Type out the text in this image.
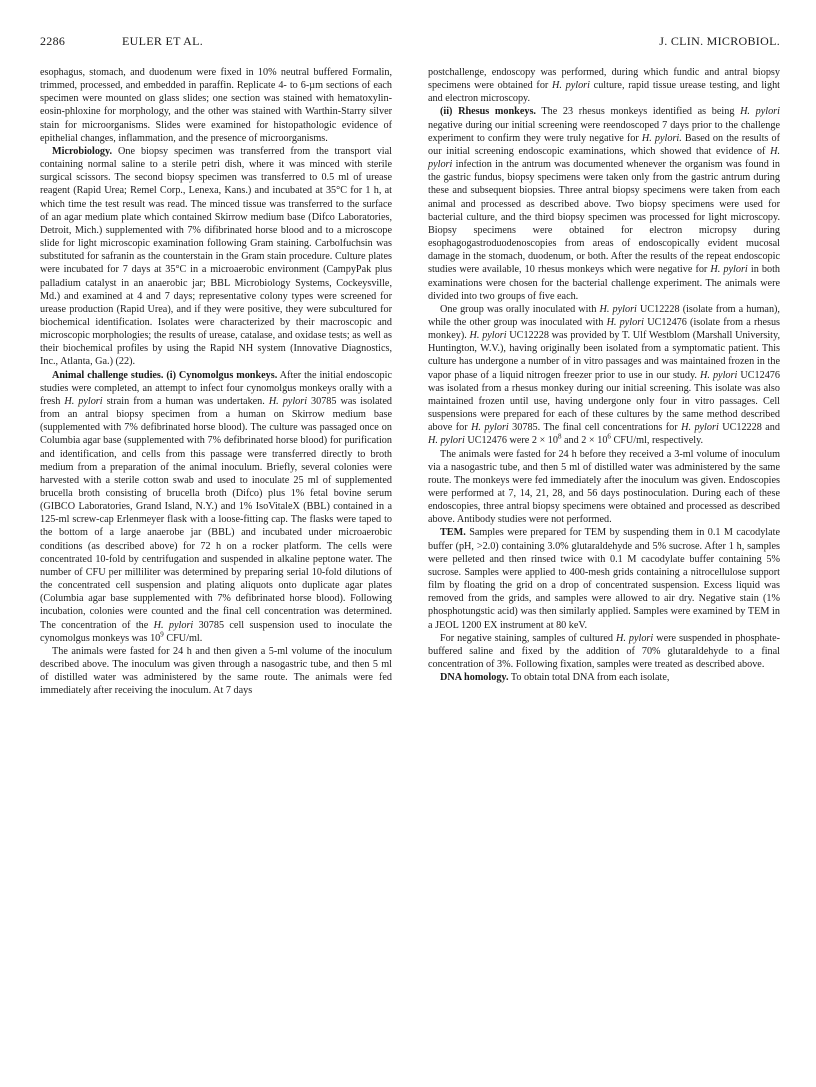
2286	EULER ET AL.	J. CLIN. MICROBIOL.

esophagus, stomach, and duodenum were fixed in 10% neutral buffered Formalin, trimmed, processed, and embedded in paraffin. Replicate 4- to 6-µm sections of each specimen were mounted on glass slides; one section was stained with hematoxylin-eosin-phloxine for morphology, and the other was stained with Warthin-Starry silver stain for microorganisms. Slides were examined for histopathologic evidence of epithelial changes, inflammation, and the presence of microorganisms.

Microbiology. One biopsy specimen was transferred from the transport vial containing normal saline to a sterile petri dish, where it was minced with sterile surgical scissors. The second biopsy specimen was transferred to 0.5 ml of urease reagent (Rapid Urea; Remel Corp., Lenexa, Kans.) and incubated at 35°C for 1 h, at which time the test result was read. The minced tissue was transferred to the surface of an agar medium plate which contained Skirrow medium base (Difco Laboratories, Detroit, Mich.) supplemented with 7% difibrinated horse blood and to a microscope slide for light microscopic examination following Gram staining. Carbolfuchsin was substituted for safranin as the counterstain in the Gram stain procedure. Culture plates were incubated for 7 days at 35°C in a microaerobic environment (CampyPak plus palladium catalyst in an anaerobic jar; BBL Microbiology Systems, Cockeysville, Md.) and examined at 4 and 7 days; representative colony types were screened for urease production (Rapid Urea), and if they were positive, they were subcultured for biochemical identification. Isolates were characterized by their macroscopic and microscopic morphologies; the results of urease, catalase, and oxidase tests; as well as their biochemical profiles by using the Rapid NH system (Innovative Diagnostics, Inc., Atlanta, Ga.) (22).

Animal challenge studies. (i) Cynomolgus monkeys. After the initial endoscopic studies were completed, an attempt to infect four cynomolgus monkeys orally with a fresh H. pylori strain from a human was undertaken. H. pylori 30785 was isolated from an antral biopsy specimen from a human on Skirrow medium base (supplemented with 7% defibrinated horse blood). The culture was passaged once on Columbia agar base (supplemented with 7% defibrinated horse blood) for purification and identification, and cells from this passage were transferred directly to broth medium from a preparation of the animal inoculum. Briefly, several colonies were harvested with a sterile cotton swab and used to inoculate 25 ml of supplemented brucella broth consisting of brucella broth (Difco) plus 1% fetal bovine serum (GIBCO Laboratories, Grand Island, N.Y.) and 1% IsoVitaleX (BBL) contained in a 125-ml screw-cap Erlenmeyer flask with a loose-fitting cap. The flasks were taped to the bottom of a large anaerobe jar (BBL) and incubated under microaerobic conditions (as described above) for 72 h on a rocker platform. The cells were concentrated 10-fold by centrifugation and suspended in alkaline peptone water. The number of CFU per milliliter was determined by preparing serial 10-fold dilutions of the concentrated cell suspension and plating aliquots onto duplicate agar plates (Columbia agar base supplemented with 7% defibrinated horse blood). Following incubation, colonies were counted and the final cell concentration was determined. The concentration of the H. pylori 30785 cell suspension used to inoculate the cynomolgus monkeys was $10^9$ CFU/ml.

The animals were fasted for 24 h and then given a 5-ml volume of the inoculum described above. The inoculum was given through a nasogastric tube, and then 5 ml of distilled water was administered by the same route. The animals were fed immediately after receiving the inoculum. At 7 days

postchallenge, endoscopy was performed, during which fundic and antral biopsy specimens were obtained for H. pylori culture, rapid tissue urease testing, and light and electron microscopy.

(ii) Rhesus monkeys. The 23 rhesus monkeys identified as being H. pylori negative during our initial screening were reendoscoped 7 days prior to the challenge experiment to confirm they were truly negative for H. pylori. Based on the results of our initial screening endoscopic examinations, which showed that evidence of H. pylori infection in the antrum was documented whenever the organism was found in the gastric fundus, biopsy specimens were taken only from the gastric antrum during these and subsequent biopsies. Three antral biopsy specimens were taken from each animal and processed as described above. Two biopsy specimens were used for bacterial culture, and the third biopsy specimen was processed for light microscopy. Biopsy specimens were obtained for electron micropsy during esophagogastroduodenoscopies from areas of endoscopically evident mucosal damage in the stomach, duodenum, or both. After the results of the repeat endoscopic studies were available, 10 rhesus monkeys which were negative for H. pylori in both examinations were chosen for the bacterial challenge experiment. The animals were divided into two groups of five each.

One group was orally inoculated with H. pylori UC12228 (isolate from a human), while the other group was inoculated with H. pylori UC12476 (isolate from a rhesus monkey). H. pylori UC12228 was provided by T. Ulf Westblom (Marshall University, Huntington, W.V.), having originally been isolated from a symptomatic patient. This culture has undergone a number of in vitro passages and was maintained frozen in the vapor phase of a liquid nitrogen freezer prior to use in our study. H. pylori UC12476 was isolated from a rhesus monkey during our initial screening. This isolate was also maintained frozen until use, having undergone only four in vitro passages. Cell suspensions were prepared for each of these cultures by the same method described above for H. pylori 30785. The final cell concentrations for H. pylori UC12228 and H. pylori UC12476 were $2 \times 10^8$ and $2 \times 10^6$ CFU/ml, respectively.

The animals were fasted for 24 h before they received a 3-ml volume of inoculum via a nasogastric tube, and then 5 ml of distilled water was administered by the same route. The monkeys were fed immediately after the inoculum was given. Endoscopies were performed at 7, 14, 21, 28, and 56 days postinoculation. During each of these endoscopies, three antral biopsy specimens were obtained and processed as described above. Antibody studies were not performed.

TEM. Samples were prepared for TEM by suspending them in 0.1 M cacodylate buffer (pH, >2.0) containing 3.0% glutaraldehyde and 5% sucrose. After 1 h, samples were pelleted and then rinsed twice with 0.1 M cacodylate buffer containing 5% sucrose. Samples were applied to 400-mesh grids containing a nitrocellulose support film by floating the grid on a drop of concentrated suspension. Excess liquid was removed from the grids, and samples were allowed to air dry. Negative stain (1% phosphotungstic acid) was then similarly applied. Samples were examined by TEM in a JEOL 1200 EX instrument at 80 keV.

For negative staining, samples of cultured H. pylori were suspended in phosphate-buffered saline and fixed by the addition of 70% glutaraldehyde to a final concentration of 3%. Following fixation, samples were treated as described above.

DNA homology. To obtain total DNA from each isolate,
